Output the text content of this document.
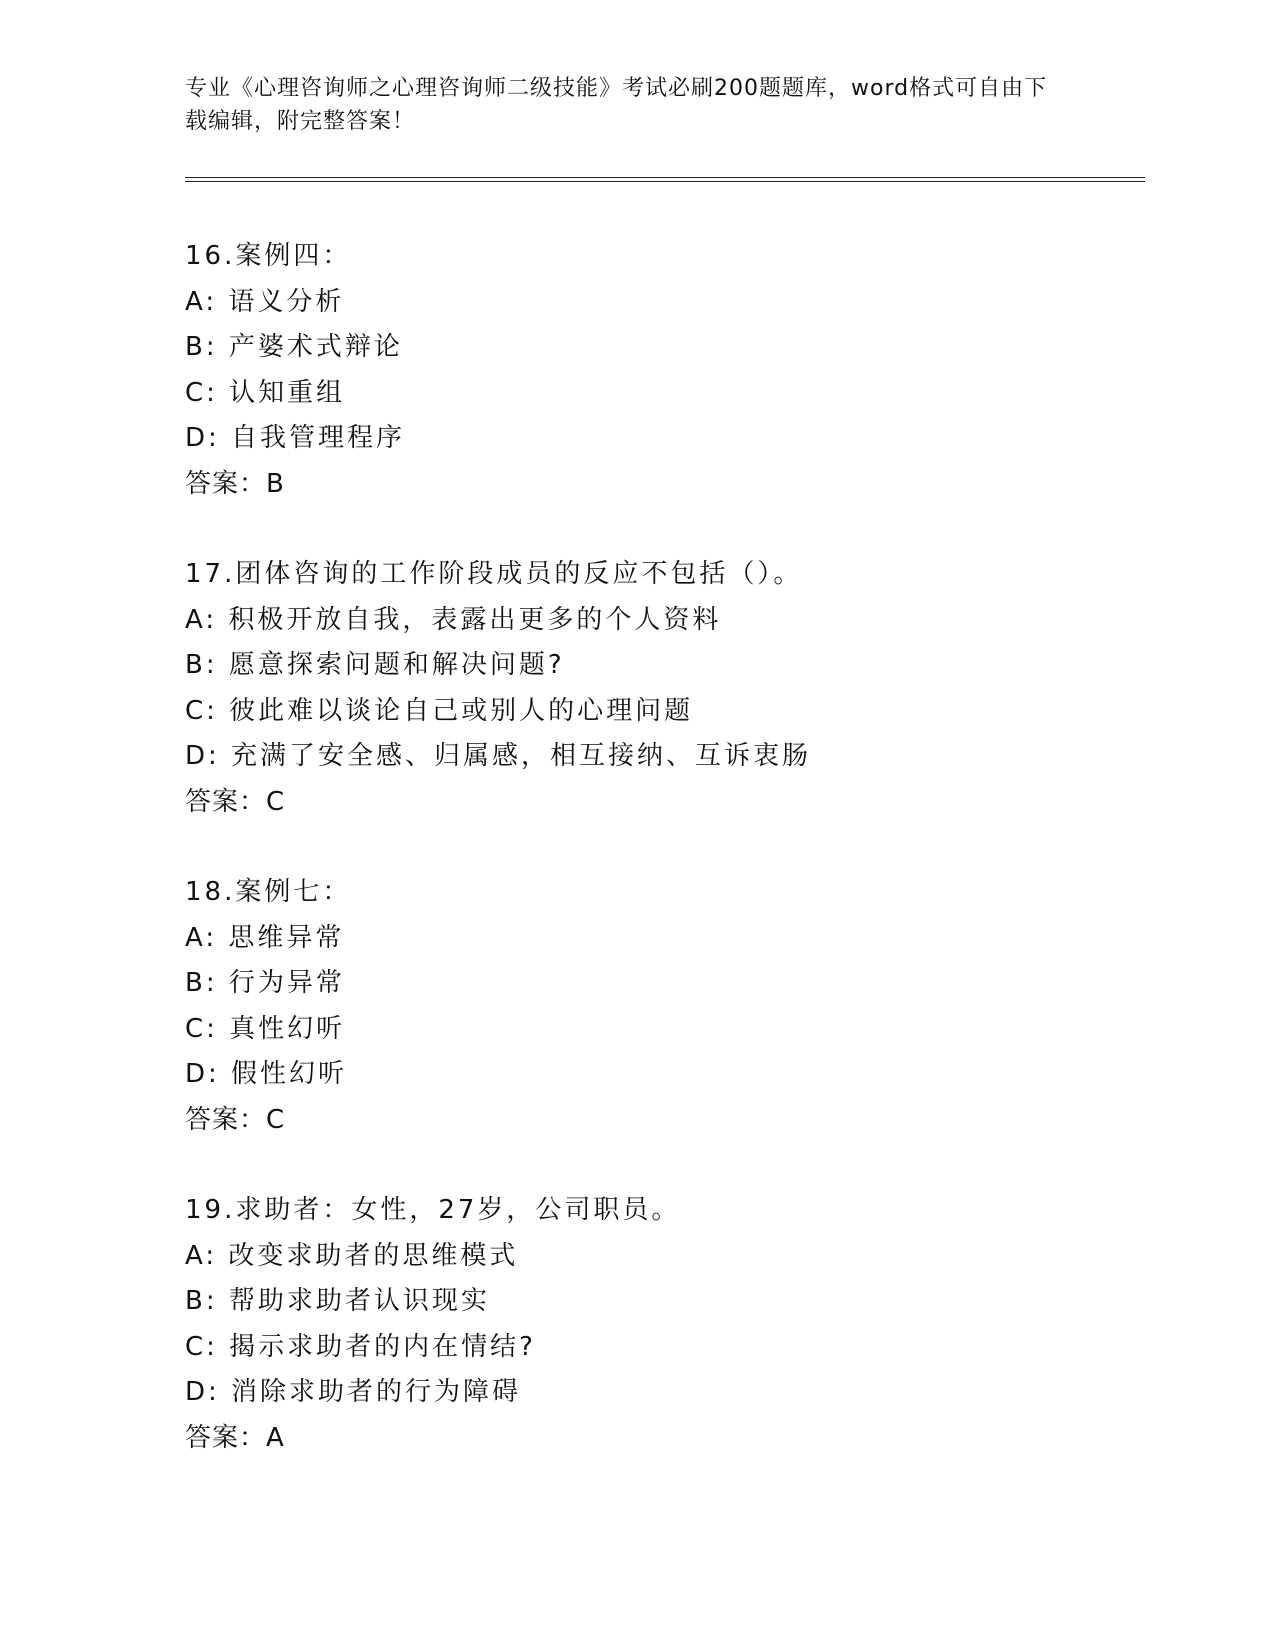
专业《心理咨询师之心理咨询师二级技能》考试必刷200题题库，word格式可自由下载编辑，附完整答案！
16.案例四：
A: 语义分析
B: 产婆术式辩论
C: 认知重组
D: 自我管理程序
答案：B
17.团体咨询的工作阶段成员的反应不包括（）。
A: 积极开放自我，表露出更多的个人资料
B: 愿意探索问题和解决问题?
C: 彼此难以谈论自己或别人的心理问题
D: 充满了安全感、归属感，相互接纳、互诉衷肠
答案：C
18.案例七：
A: 思维异常
B: 行为异常
C: 真性幻听
D: 假性幻听
答案：C
19.求助者：女性，27岁，公司职员。
A: 改变求助者的思维模式
B: 帮助求助者认识现实
C: 揭示求助者的内在情结?
D: 消除求助者的行为障碍
答案：A
